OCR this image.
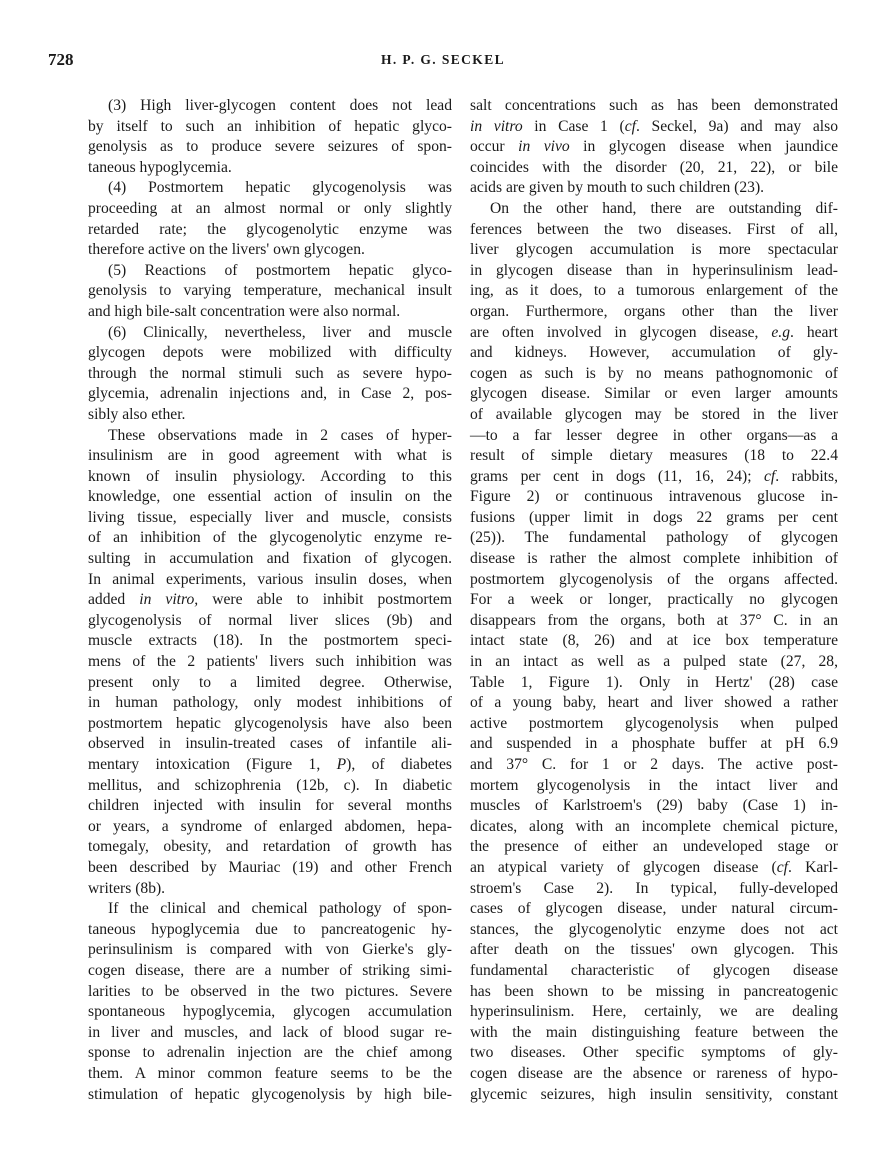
728	H. P. G. SECKEL

(3) High liver-glycogen content does not lead
by itself to such an inhibition of hepatic glyco-
genolysis as to produce severe seizures of spon-
taneous hypoglycemia.

(4) Postmortem hepatic glycogenolysis was
proceeding at an almost normal or only slightly
retarded rate; the glycogenolytic enzyme was
therefore active on the livers' own glycogen.

(5) Reactions of postmortem hepatic glyco-
genolysis to varying temperature, mechanical insult
and high bile-salt concentration were also normal.

(6) Clinically, nevertheless, liver and muscle
glycogen depots were mobilized with difficulty
through the normal stimuli such as severe hypo-
glycemia, adrenalin injections and, in Case 2, pos-
sibly also ether.

These observations made in 2 cases of hyper-
insulinism are in good agreement with what is
known of insulin physiology. According to this
knowledge, one essential action of insulin on the
living tissue, especially liver and muscle, consists
of an inhibition of the glycogenolytic enzyme re-
sulting in accumulation and fixation of glycogen.
In animal experiments, various insulin doses, when
added in vitro, were able to inhibit postmortem
glycogenolysis of normal liver slices (9b) and
muscle extracts (18). In the postmortem speci-
mens of the 2 patients' livers such inhibition was
present only to a limited degree. Otherwise,
in human pathology, only modest inhibitions of
postmortem hepatic glycogenolysis have also been
observed in insulin-treated cases of infantile ali-
mentary intoxication (Figure 1, P), of diabetes
mellitus, and schizophrenia (12b, c). In diabetic
children injected with insulin for several months
or years, a syndrome of enlarged abdomen, hepa-
tomegaly, obesity, and retardation of growth has
been described by Mauriac (19) and other French
writers (8b).

If the clinical and chemical pathology of spon-
taneous hypoglycemia due to pancreatogenic hy-
perinsulinism is compared with von Gierke's gly-
cogen disease, there are a number of striking simi-
larities to be observed in the two pictures. Severe
spontaneous hypoglycemia, glycogen accumulation
in liver and muscles, and lack of blood sugar re-
sponse to adrenalin injection are the chief among
them. A minor common feature seems to be the
stimulation of hepatic glycogenolysis by high bile-

salt concentrations such as has been demonstrated
in vitro in Case 1 (cf. Seckel, 9a) and may also
occur in vivo in glycogen disease when jaundice
coincides with the disorder (20, 21, 22), or bile
acids are given by mouth to such children (23).

On the other hand, there are outstanding dif-
ferences between the two diseases. First of all,
liver glycogen accumulation is more spectacular
in glycogen disease than in hyperinsulinism lead-
ing, as it does, to a tumorous enlargement of the
organ. Furthermore, organs other than the liver
are often involved in glycogen disease, e.g. heart
and kidneys. However, accumulation of gly-
cogen as such is by no means pathognomonic of
glycogen disease. Similar or even larger amounts
of available glycogen may be stored in the liver
—to a far lesser degree in other organs—as a
result of simple dietary measures (18 to 22.4
grams per cent in dogs (11, 16, 24); cf. rabbits,
Figure 2) or continuous intravenous glucose in-
fusions (upper limit in dogs 22 grams per cent
(25)). The fundamental pathology of glycogen
disease is rather the almost complete inhibition of
postmortem glycogenolysis of the organs affected.
For a week or longer, practically no glycogen
disappears from the organs, both at 37° C. in an
intact state (8, 26) and at ice box temperature
in an intact as well as a pulped state (27, 28,
Table 1, Figure 1). Only in Hertz' (28) case
of a young baby, heart and liver showed a rather
active postmortem glycogenolysis when pulped
and suspended in a phosphate buffer at pH 6.9
and 37° C. for 1 or 2 days. The active post-
mortem glycogenolysis in the intact liver and
muscles of Karlstroem's (29) baby (Case 1) in-
dicates, along with an incomplete chemical picture,
the presence of either an undeveloped stage or
an atypical variety of glycogen disease (cf. Karl-
stroem's Case 2). In typical, fully-developed
cases of glycogen disease, under natural circum-
stances, the glycogenolytic enzyme does not act
after death on the tissues' own glycogen. This
fundamental characteristic of glycogen disease
has been shown to be missing in pancreatogenic
hyperinsulinism. Here, certainly, we are dealing
with the main distinguishing feature between the
two diseases. Other specific symptoms of gly-
cogen disease are the absence or rareness of hypo-
glycemic seizures, high insulin sensitivity, constant
